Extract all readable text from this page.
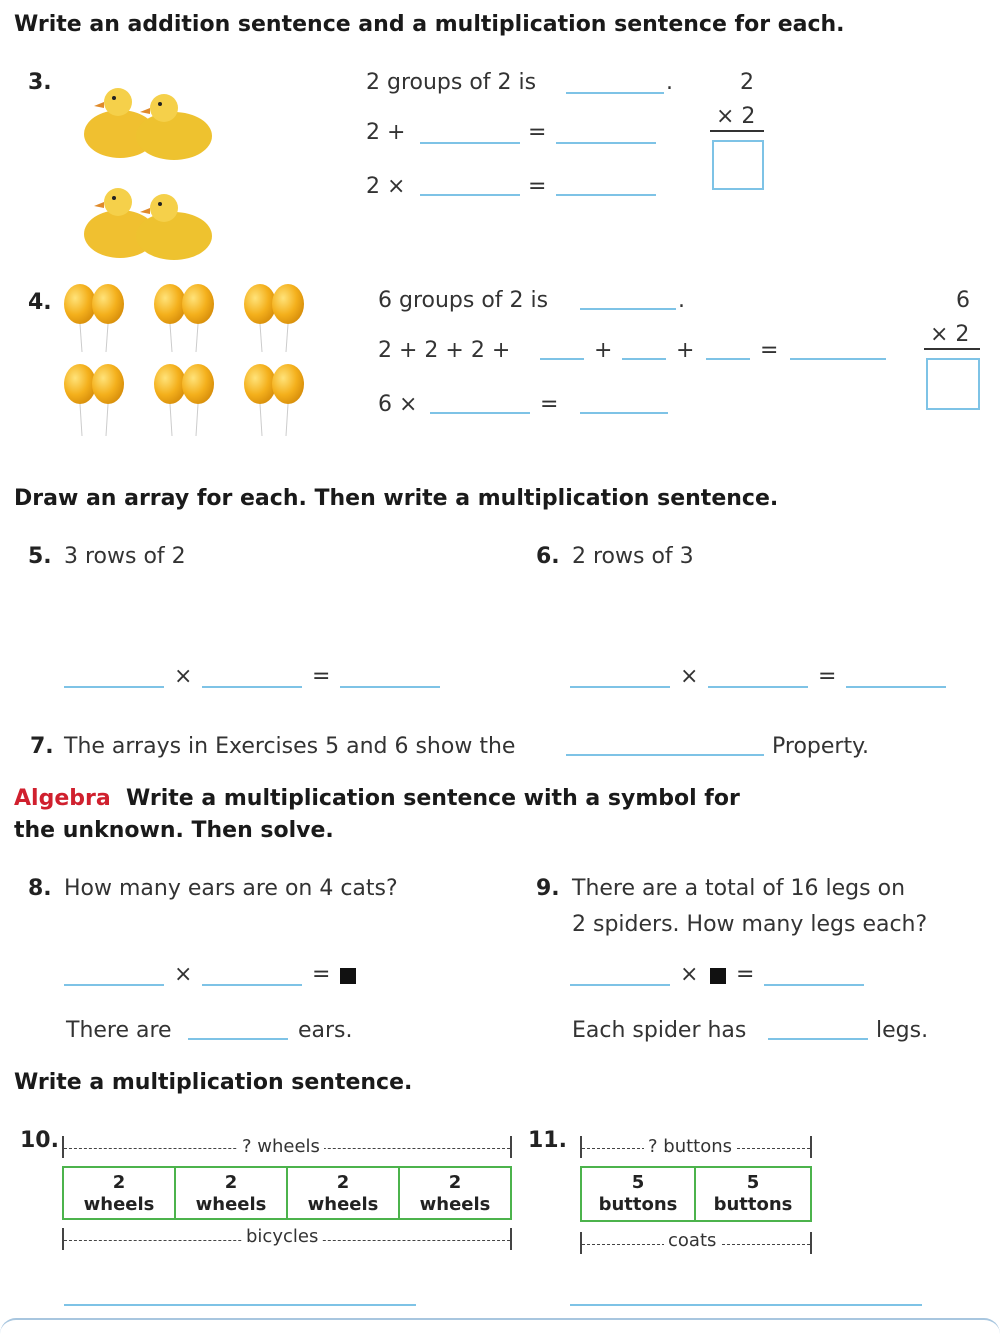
Write an addition sentence and a multiplication sentence for each.
3.	2 groups of 2 is	.
2 +	=
2 ×	=
2
× 2
4.	6 groups of 2 is	.
2 + 2 + 2 +	+	+	=
6 ×	=
6
× 2
Draw an array for each. Then write a multiplication sentence.
5. 3 rows of 2
×	=
6. 2 rows of 3
×	=
7. The arrays in Exercises 5 and 6 show the	Property.
Algebra Write a multiplication sentence with a symbol for
the unknown. Then solve.
8. How many ears are on 4 cats?
×	=
There are	ears.
9. There are a total of 16 legs on
2 spiders. How many legs each?
× =
Each spider has	legs.
Write a multiplication sentence.
10.	? wheels
2
wheels
2
wheels
2
wheels
2
wheels
bicycles
11.	? buttons
5
buttons
5
buttons
coats
